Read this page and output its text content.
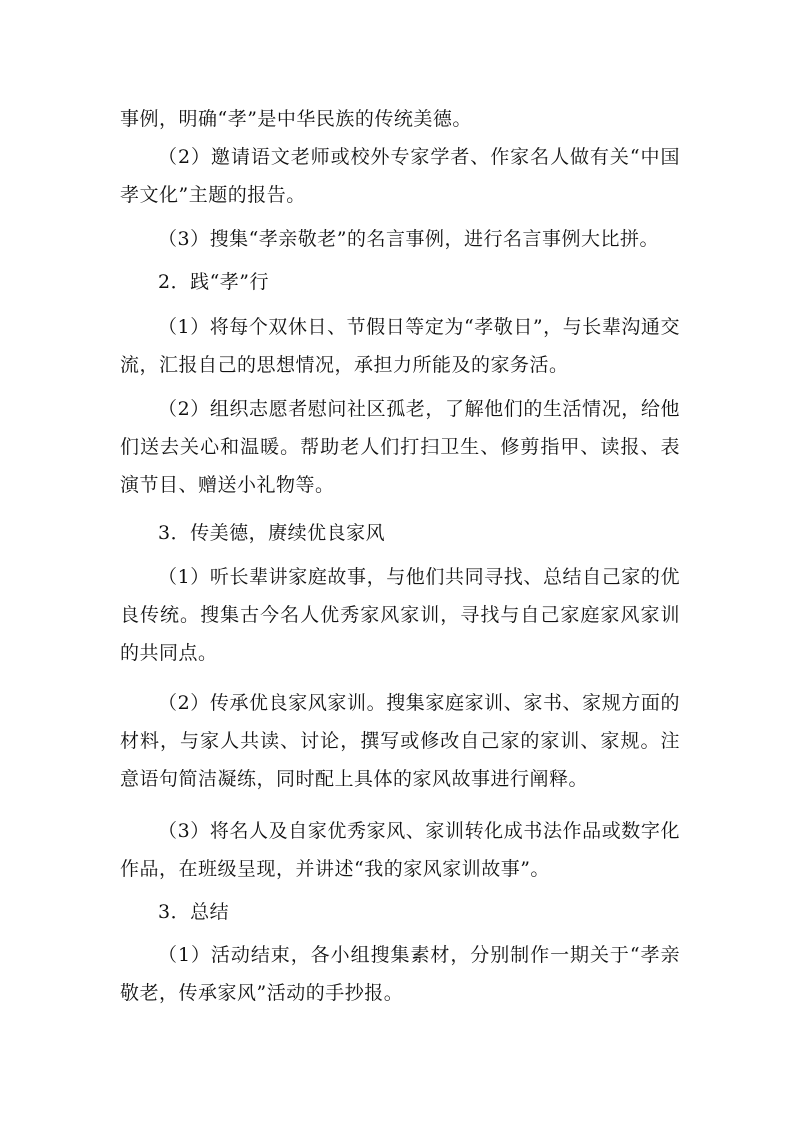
事例，明确“孝”是中华民族的传统美德。
（2）邀请语文老师或校外专家学者、作家名人做有关“中国孝文化”主题的报告。
（3）搜集“孝亲敬老”的名言事例，进行名言事例大比拼。
2．践“孝”行
（1）将每个双休日、节假日等定为“孝敬日”，与长辈沟通交流，汇报自己的思想情况，承担力所能及的家务活。
（2）组织志愿者慰问社区孤老，了解他们的生活情况，给他们送去关心和温暖。帮助老人们打扫卫生、修剪指甲、读报、表演节目、赠送小礼物等。
3．传美德，赓续优良家风
（1）听长辈讲家庭故事，与他们共同寻找、总结自己家的优良传统。搜集古今名人优秀家风家训，寻找与自己家庭家风家训的共同点。
（2）传承优良家风家训。搜集家庭家训、家书、家规方面的材料，与家人共读、讨论，撰写或修改自己家的家训、家规。注意语句简洁凝练，同时配上具体的家风故事进行阐释。
（3）将名人及自家优秀家风、家训转化成书法作品或数字化作品，在班级呈现，并讲述“我的家风家训故事”。
3．总结
（1）活动结束，各小组搜集素材，分别制作一期关于“孝亲敬老，传承家风”活动的手抄报。
